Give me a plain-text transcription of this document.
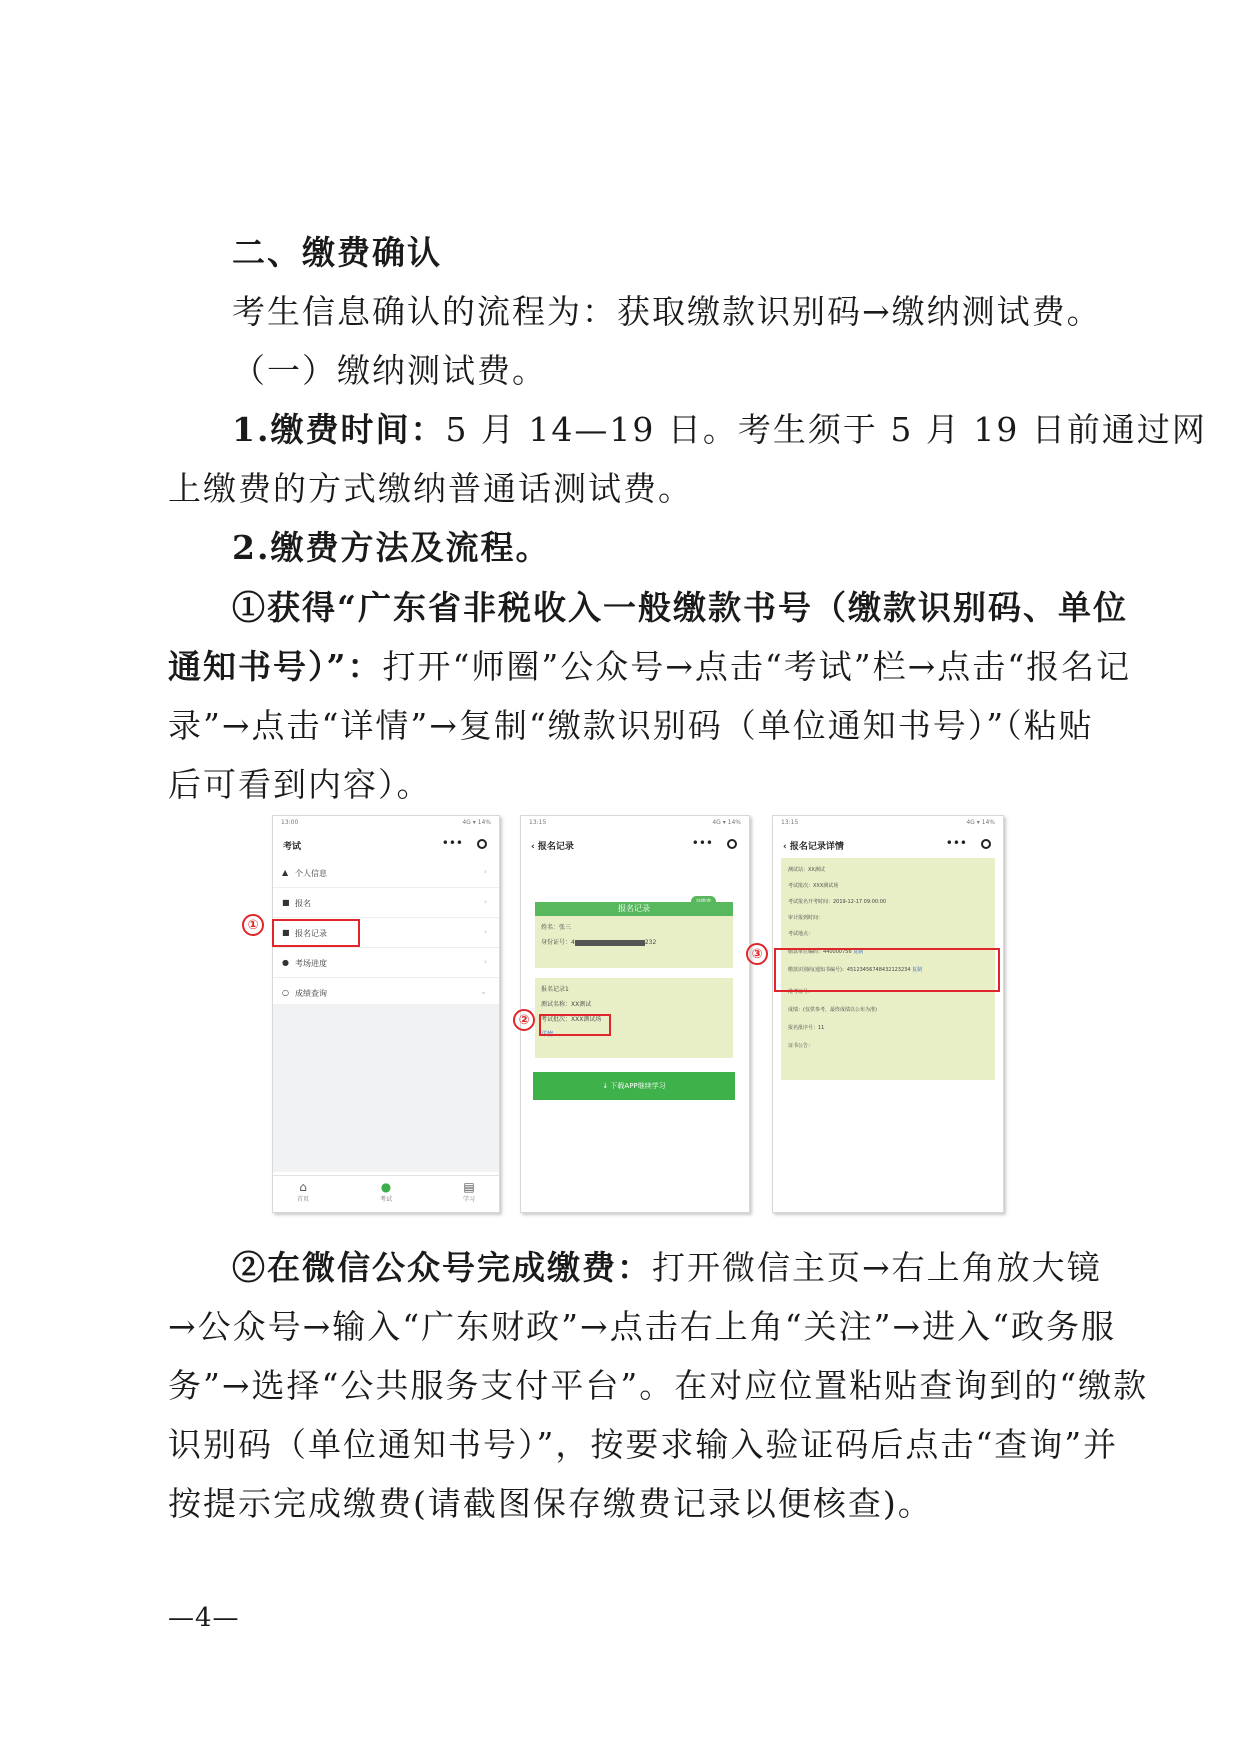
二、缴费确认
考生信息确认的流程为：获取缴款识别码→缴纳测试费。
（一）缴纳测试费。
1.缴费时间：5 月 14—19 日。考生须于 5 月 19 日前通过网
上缴费的方式缴纳普通话测试费。
2.缴费方法及流程。
①获得“广东省非税收入一般缴款书号（缴款识别码、单位
通知书号）”：打开“师圈”公众号→点击“考试”栏→点击“报名记
录”→点击“详情”→复制“缴款识别码（单位通知书号）”（粘贴
后可看到内容）。
13:00	4G ▾ 14%
考试	•••
▲ 个人信息	›
■ 报名	›
■ 报名记录	›
● 考场进度	›
○ 成绩查询	⌄
⌂
首页
●
考试
▤
学习
13:15	4G ▾ 14%
‹ 报名记录	•••
报名记录
姓名：张三
身份证号：4	232
报名记录1
测试名称：XX测试
考试批次：XXX测试场
详情
↓ 下载APP继续学习
13:15	4G ▾ 14%
‹ 报名记录详情	•••
测试站：XX测试
考试批次：XXX测试场
考试报名开考时间：2019-12-17 09:00:00
审计报到时间：
考试地点：
缴款单位编码：440000756 复制
缴款识别码(通知书编号)：45123456748432123234 复制
准考证号：
成绩：(仅供参考，最终成绩以公布为准)
报名批序号：11
证书公告：
①
②
③
②在微信公众号完成缴费：打开微信主页→右上角放大镜
→公众号→输入“广东财政”→点击右上角“关注”→进入“政务服
务”→选择“公共服务支付平台”。在对应位置粘贴查询到的“缴款
识别码（单位通知书号）”，按要求输入验证码后点击“查询”并
按提示完成缴费(请截图保存缴费记录以便核查)。
—4—
